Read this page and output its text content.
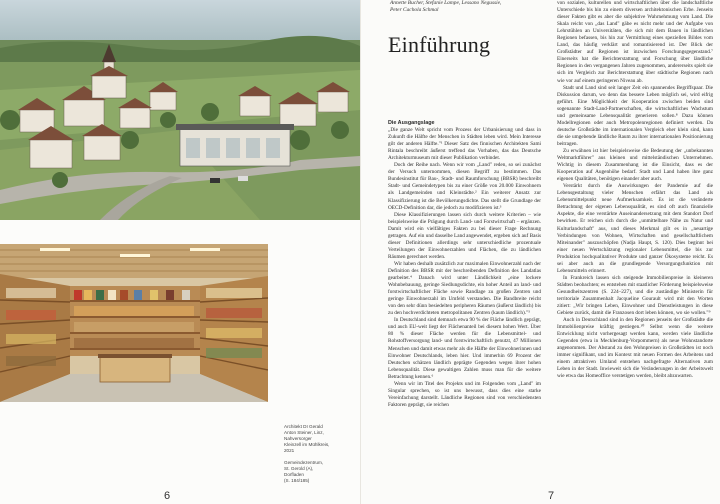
Architekt DI Gerald
Anton Steiner, Linz,
Nahversorger
Kleinzell im Mühlkreis,
2021

Gemeindezentrum,
St. Gerold (A),
Dorfladen
(S. 184/185)

6
Annette Bucher, Stefanie Lampe, Lessano Negussie,
Peter Cachola Schmal
Einführung
Die Ausgangslage

„Die ganze Welt spricht vom Prozess der Urbanisierung und dass in Zukunft die Hälfte der Menschen in Städten leben wird. Mein Interesse gilt der anderen Hälfte."¹ Dieser Satz des finnischen Architekten Sami Rintala beschreibt äußerst treffend das Vorhaben, das das Deutsche Architekturmuseum mit dieser Publikation verbindet.

Doch der Reihe nach. Wenn wir vom „Land" reden, so sei zunächst der Versuch unternommen, diesen Begriff zu bestimmen. Das Bundesinstitut für Bau-, Stadt- und Raumforschung (BBSR) beschreibt Stadt- und Gemeindetypen bis zu einer Größe von 20.000 Einwohnern als Landgemeinden und Kleinstädte.² Ein weiterer Ansatz zur Klassifizierung ist die Bevölkerungsdichte. Das stellt die Grundlage der OECD-Definition dar, die jedoch zu modifizieren ist.³

Diese Klassifizierungen lassen sich durch weitere Kriterien – wie beispielsweise die Prägung durch Land- und Forstwirtschaft – ergänzen. Damit wird ein vielfältiges Fakten zu bei dieser Frage Rechnung getragen. Auf ein und dasselbe Land angewendet, ergeben sich auf Basis dieser Definitionen allerdings sehr unterschiedliche prozentuale Verteilungen der Einwohnerzahlen und Flächen, die zu ländlichen Räumen gerechnet werden.

Wir haben deshalb zusätzlich zur maximalen Einwohnerzahl nach der Definition des BBSR mit der beschreibenden Definition des Landatlas gearbeitet.⁴ Danach wird unter Ländlichkeit „eine lockere Wohnbebauung, geringe Siedlungsdichte, ein hoher Anteil an land- und forstwirtschaftlicher Fläche sowie Randlage zu großen Zentren und geringe Einwohnerzahl im Umfeld verstanden. Die Bandbreite reicht von den sehr dünn besiedelten peripheren Räumen (äußerst ländlich) bis zu den hochverdichteten metropolitanen Zentren (kaum ländlich)."⁵

In Deutschland sind demnach etwa 90 % der Fläche ländlich geprägt, und auch EU-weit liegt der Flächenanteil bei diesem hohen Wert. Über 80 % dieser Fläche werden für die Lebensmittel- und Rohstoffversorgung land- und forstwirtschaftlich genutzt, 47 Millionen Menschen und damit etwas mehr als die Hälfte der Einwohnerinnen und Einwohner Deutschlands, leben hier. Und immerhin 69 Prozent der Deutschen schätzen ländlich geprägte Gegenden wegen ihrer hohen Lebensqualität. Diese gewaltigen Zahlen muss man für die weitere Betrachtung kennen.⁶

Wenn wir im Titel des Projekts und im Folgenden vom „Land" im Singular sprechen, so ist uns bewusst, dass dies eine starke Vereinfachung darstellt. Ländliche Regionen sind von verschiedensten Faktoren geprägt, sie reichen

von sozialen, kulturellen und wirtschaftlichen über die landschaftliche Unterschiede bis hin zu einem diversen architektonischen Erbe. Jenseits dieser Fakten gibt es aber die subjektive Wahrnehmung vom Land. Die Skala reicht von „das Land" gäbe es nicht mehr und der Aufgabe von Lehrstühlen an Universitäten, die sich mit dem Bauen in ländlichen Regionen befassen, bis hin zur Vermittlung eines speziellen Bildes vom Land, das häufig verklärt und romantisierend ist. Der Blick der Großstädter auf Regionen ist inzwischen Forschungsgegenstand.⁷ Einerseits hat die Berichterstattung und Forschung über ländliche Regionen in den vergangenen Jahren zugenommen, andererseits spielt sie sich im Vergleich zur Berichterstattung über städtische Regionen nach wie vor auf einem geringeren Niveau ab.

Stadt und Land sind seit langer Zeit ein spannendes Begriffspaar. Die Diskussion darum, wo denn das bessere Leben möglich sei, wird eifrig geführt. Eine Möglichkeit der Kooperation zwischen beiden sind sogenannte Stadt-Land-Partnerschaften, die wirtschaftliches Wachstum und gemeinsame Lebensqualität generieren sollen.⁸ Dazu können Modellregionen oder auch Metropolenregionen definiert werden. Da deutsche Großstädte im internationalen Vergleich eher klein sind, kann die sie umgebende ländliche Raum zu ihrer internationalen Positionierung beitragen.

Zu erwähnen ist hier beispielsweise die Bedeutung der „unbekannten Weltmarktführer" aus kleinen und mittelständischen Unternehmen. Wichtig in diesem Zusammenhang ist die Einsicht, dass es der Kooperation auf Augenhöhe bedarf. Stadt und Land haben ihre ganz eigenen Qualitäten, benötigen einander aber auch.

Verstärkt durch die Auswirkungen der Pandemie auf die Lebensgestaltung vieler Menschen erfährt das Land als Lebensmittelpunkt neue Aufmerksamkeit. Es ist die veränderte Betrachtung der eigenen Lebensqualität, es sind oft auch finanzielle Aspekte, die eine verstärkte Auseinandersetzung mit dem Standort Dorf bewirken. Er reichen sich durch die „unmittelbare Nähe zu Natur und Kulturlandschaft" aus, und dieses Merkmal gilt es in „neuartige Verbindungen von Wohnen, Wirtschaften und gesellschaftlichem Miteinander" auszuschöpfen (Nadja Haupt, S. 120). Dies beginnt bei einer neuen Wertschätzung regionaler Lebensmittel, die bis zur Produktion hochqualitativer Produkte und ganzer Ökosysteme reicht. Es sei aber auch an die grundlegende Versorgungsfunktion mit Lebensmitteln erinnert.

In Frankreich lassen sich steigende Immobilienpreise in kleineren Städten beobachten; es entstehen mit staatlicher Förderung beispielsweise Gesundheitszentren (S. 224–227), und die zuständige Ministerin für territoriale Zusammenhalt Jacqueline Gourault wird mit den Worten zitiert: „Wir bringen Leben, Einwohner und Dienstleistungen in diese Gebiete zurück, damit die Franzosen dort leben können, wo sie wollen."⁹

Auch in Deutschland sind in den Regionen jenseits der Großstädte die Immobilienpreise kräftig gestiegen.¹⁰ Selbst wenn die weitere Entwicklung nicht vorhergesagt werden kann, werden viele ländliche Gegenden (etwa in Mecklenburg-Vorpommern) als neue Wohnstandorte angenommen. Der Abstand zu den Wohnpreisen in Großstädten ist noch immer signifikant, und im Kontext mit neuen Formen des Arbeitens und einem attraktiven Umland entstehen nachgefragte Alternativen zum Leben in der Stadt. Inwieweit sich die Veränderungen in der Arbeitswelt wie etwa das Homeoffice verstetigen werden, bleibt abzuwarten.

7
